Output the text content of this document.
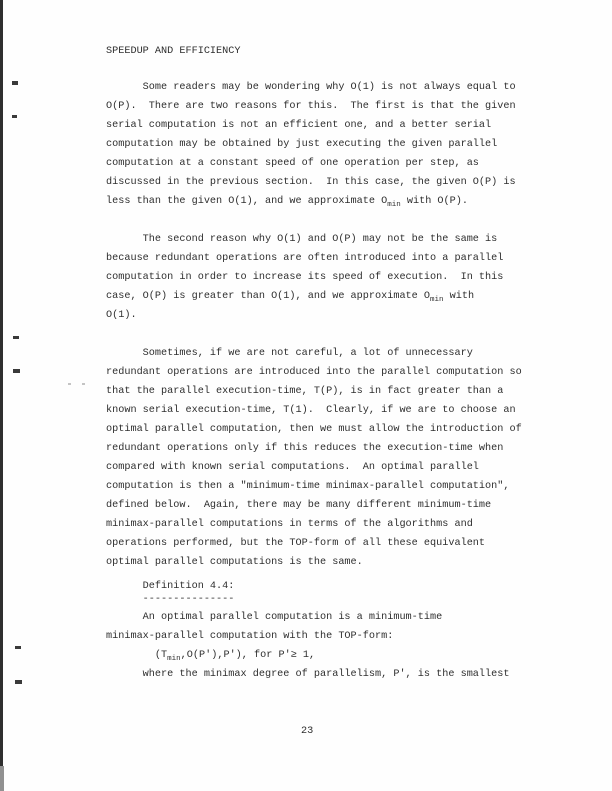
SPEEDUP AND EFFICIENCY
Some readers may be wondering why O(1) is not always equal to
O(P).  There are two reasons for this.  The first is that the given
serial computation is not an efficient one, and a better serial
computation may be obtained by just executing the given parallel
computation at a constant speed of one operation per step, as
discussed in the previous section.  In this case, the given O(P) is
less than the given O(1), and we approximate $O_{min}$ with O(P).
The second reason why O(1) and O(P) may not be the same is
because redundant operations are often introduced into a parallel
computation in order to increase its speed of execution.  In this
case, O(P) is greater than O(1), and we approximate $O_{min}$ with
O(1).
Sometimes, if we are not careful, a lot of unnecessary
redundant operations are introduced into the parallel computation so
that the parallel execution-time, T(P), is in fact greater than a
known serial execution-time, T(1).  Clearly, if we are to choose an
optimal parallel computation, then we must allow the introduction of
redundant operations only if this reduces the execution-time when
compared with known serial computations.  An optimal parallel
computation is then a "minimum-time minimax-parallel computation",
defined below.  Again, there may be many different minimum-time
minimax-parallel computations in terms of the algorithms and
operations performed, but the TOP-form of all these equivalent
optimal parallel computations is the same.
Definition 4.4:
---------------
An optimal parallel computation is a minimum-time
minimax-parallel computation with the TOP-form:
$(T_{min},O(P'),P')$, for P'≥ 1,
where the minimax degree of parallelism, P', is the smallest
23
